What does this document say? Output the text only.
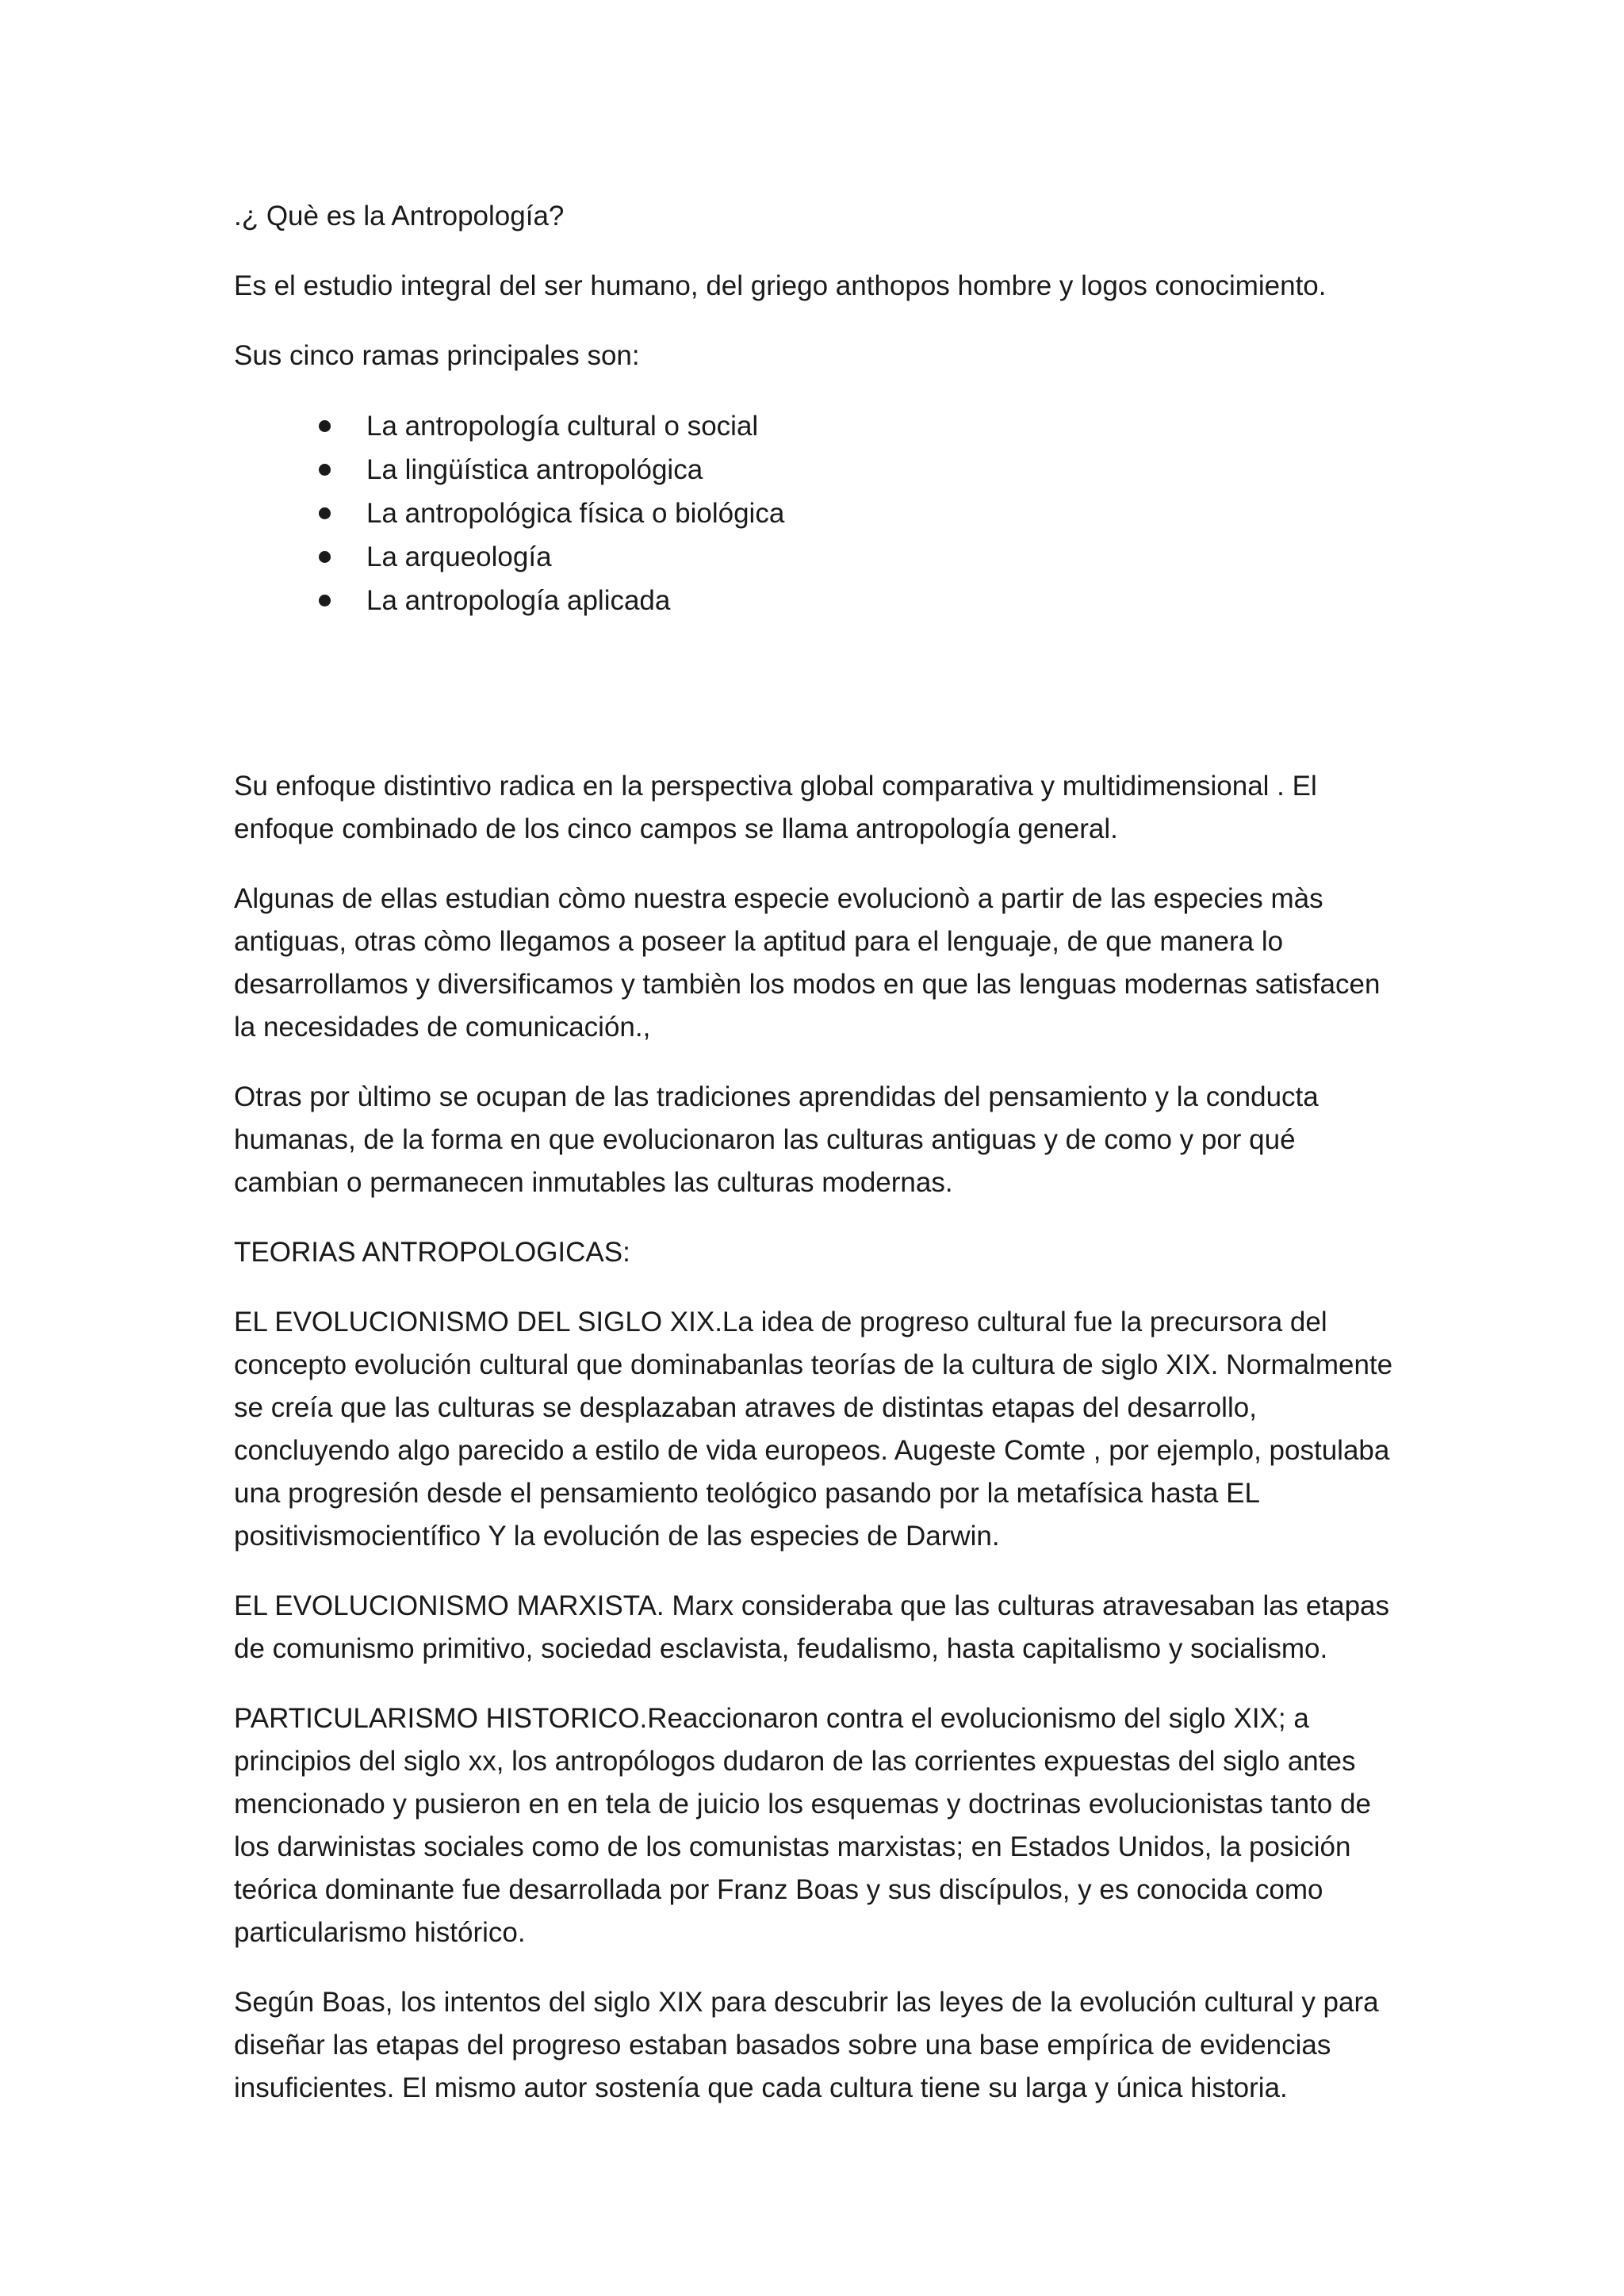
.¿ Què es la Antropología?

Es el estudio integral del ser humano, del griego anthopos hombre y logos conocimiento.

Sus cinco ramas principales son:

La antropología cultural o social
La lingüística antropológica
La antropológica física o biológica
La arqueología
La antropología aplicada

Su enfoque distintivo radica en la perspectiva global comparativa y multidimensional . El enfoque combinado de los cinco campos se llama antropología general.

Algunas de ellas estudian còmo nuestra especie evolucionò a partir de las especies màs antiguas, otras còmo llegamos a poseer la aptitud para el lenguaje, de que manera lo desarrollamos y diversificamos y tambièn los modos en que las lenguas modernas satisfacen la necesidades de comunicación.,

Otras por ùltimo se ocupan de las tradiciones aprendidas del pensamiento y la conducta humanas, de la forma en que evolucionaron las culturas antiguas y de como y por qué cambian o permanecen inmutables las culturas modernas.

TEORIAS ANTROPOLOGICAS:

EL EVOLUCIONISMO DEL SIGLO XIX.La idea de progreso cultural fue la precursora del concepto evolución cultural que dominabanlas teorías de la cultura de siglo XIX. Normalmente se creía que las culturas se desplazaban atraves de distintas etapas del desarrollo, concluyendo algo parecido a estilo de vida europeos. Augeste Comte , por ejemplo, postulaba una progresión desde el pensamiento teológico pasando por la metafísica hasta EL positivismocientífico Y la evolución de las especies de Darwin.

EL EVOLUCIONISMO MARXISTA. Marx consideraba que las culturas atravesaban las etapas de comunismo primitivo, sociedad esclavista, feudalismo, hasta capitalismo y socialismo.

PARTICULARISMO HISTORICO.Reaccionaron contra el evolucionismo del siglo XIX; a principios del siglo xx, los antropólogos dudaron de las corrientes expuestas del siglo antes mencionado y pusieron en en tela de juicio los esquemas y doctrinas evolucionistas tanto de los darwinistas sociales como de los comunistas marxistas; en Estados Unidos, la posición teórica dominante fue desarrollada por Franz Boas y sus discípulos, y es conocida como particularismo histórico.

Según Boas, los intentos del siglo XIX para descubrir las leyes de la evolución cultural y para diseñar las etapas del progreso estaban basados sobre una base empírica de evidencias insuficientes. El mismo autor sostenía que cada cultura tiene su larga y única historia.
